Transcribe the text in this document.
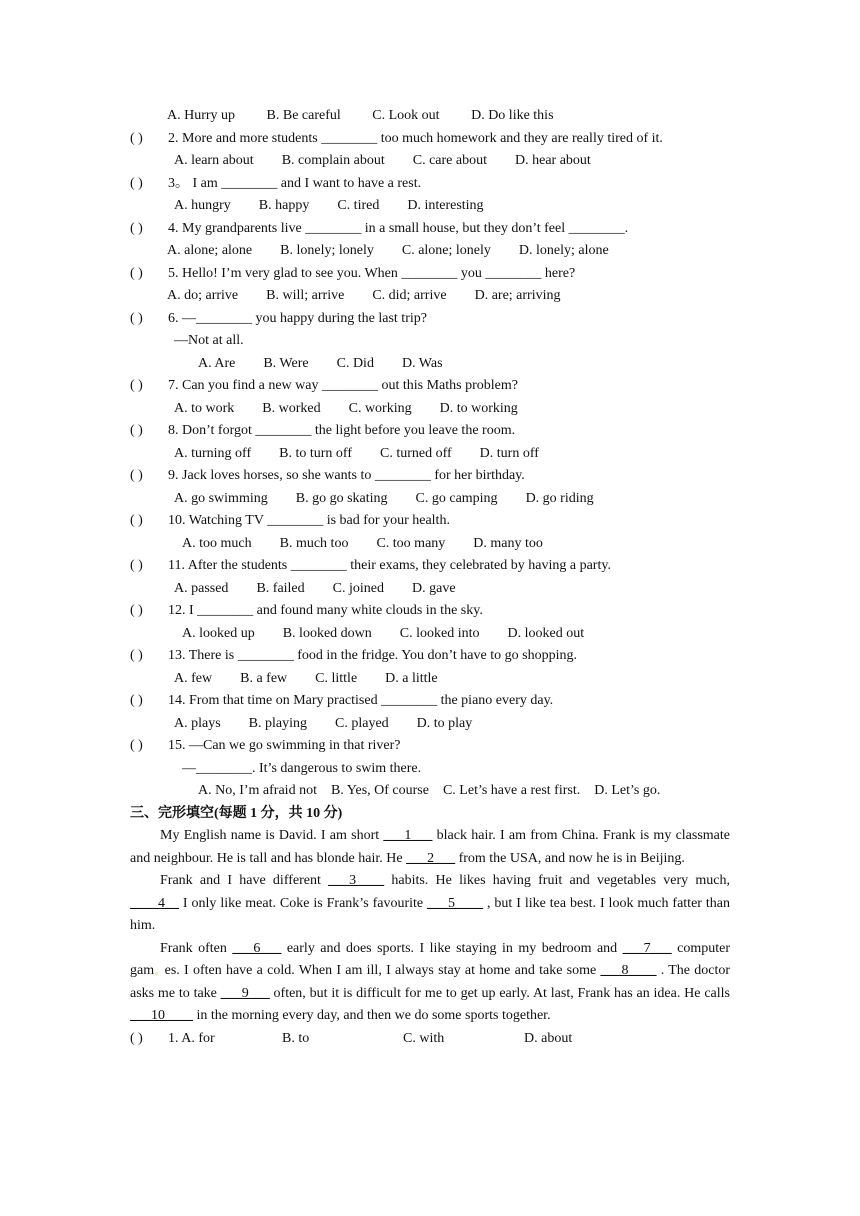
A. Hurry up B. Be careful C. Look out D. Do like this
( ) 2. More and more students ________ too much homework and they are really tired of it.
A. learn about B. complain about C. care about D. hear about
( ) 3。 I am ________ and I want to have a rest.
A. hungry B. happy C. tired D. interesting
( ) 4. My grandparents live ________ in a small house, but they don’t feel ________.
A. alone; alone B. lonely; lonely C. alone; lonely D. lonely; alone
( ) 5. Hello! I’m very glad to see you. When ________ you ________ here?
A. do; arrive B. will; arrive C. did; arrive D. are; arriving
( ) 6. —________ you happy during the last trip?
—Not at all.
A. Are B. Were C. Did D. Was
( ) 7. Can you find a new way ________ out this Maths problem?
A. to work B. worked C. working D. to working
( ) 8. Don’t forgot ________ the light before you leave the room.
A. turning off B. to turn off C. turned off D. turn off
( ) 9. Jack loves horses, so she wants to ________ for her birthday.
A. go swimming B. go go skating C. go camping D. go riding
( ) 10. Watching TV ________ is bad for your health.
A. too much B. much too C. too many D. many too
( ) 11. After the students ________ their exams, they celebrated by having a party.
A. passed B. failed C. joined D. gave
( ) 12. I ________ and found many white clouds in the sky.
A. looked up B. looked down C. looked into D. looked out
( ) 13. There is ________ food in the fridge. You don’t have to go shopping.
A. few B. a few C. little D. a little
( ) 14. From that time on Mary practised ________ the piano every day.
A. plays B. playing C. played D. to play
( ) 15. —Can we go swimming in that river?
—________. It’s dangerous to swim there.
A. No, I’m afraid not B. Yes, Of course C. Let’s have a rest first. D. Let’s go.
三、完形填空(每题 1 分，共 10 分)

My English name is David. I am short ___1___ black hair. I am from China. Frank is my classmate and neighbour. He is tall and has blonde hair. He ___2___ from the USA, and now he is in Beijing.

Frank and I have different ___3____ habits. He likes having fruit and vegetables very much, ____4__ I only like meat. Coke is Frank’s favourite ___5____ , but I like tea best. I look much fatter than him.

Frank often ___6___ early and does sports. I like staying in my bedroom and ___7___ computer gam。es. I often have a cold. When I am ill, I always stay at home and take some ___8____ . The doctor asks me to take ___9___ often, but it is difficult for me to get up early. At last, Frank has an idea. He calls ___10____ in the morning every day, and then we do some sports together.

( ) 1. A. for	B. to	C. with	D. about
